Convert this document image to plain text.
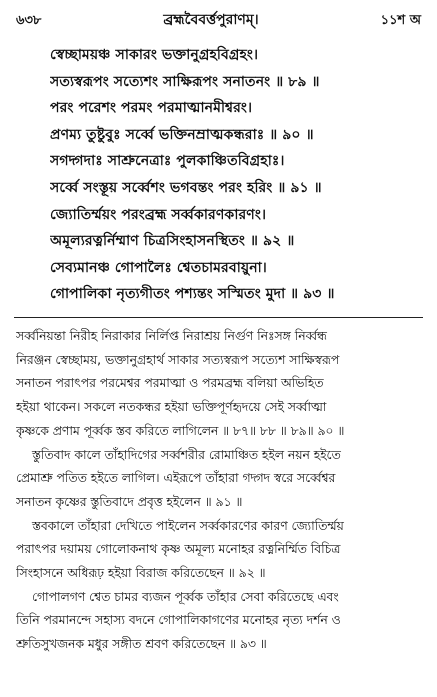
৬৩৮	ব্রহ্মবৈবর্ত্তপুরাণম্।	১১শ অ
স্বেচ্ছাময়ঞ্চ সাকারং ভক্তানুগ্রহবিগ্রহং।
সত্যস্বরূপং সত্যেশং সাক্ষিরূপং সনাতনং ॥ ৮৯ ॥
পরং পরেশং পরমং পরমাত্মানমীশ্বরং।
প্রণম্য তুষ্টুবুঃ সর্ব্বে ভক্তিনম্রাত্মকন্ধরাঃ ॥ ৯০ ॥
সগদ্গদাঃ সাশ্রুনেত্রাঃ পুলকাঞ্চিতবিগ্রহাঃ।
সর্ব্বে সংস্তূয় সর্ব্বেশং ভগবন্তং পরং হরিং ॥ ৯১ ॥
জ্যোতির্ম্ময়ং পরংব্রহ্ম সর্ব্বকারণকারণং।
অমূল্যরত্নর্নিম্মাণ চিত্রসিংহাসনস্থিতং ॥ ৯২ ॥
সেব্যমানঞ্চ গোপালৈঃ শ্বেতচামরবায়ুনা।
গোপালিকা নৃত্যগীতং পশ্যন্তং সস্মিতং মুদা ॥ ৯৩ ॥
সর্ব্বনিয়ন্তা নিরীহ নিরাকার নির্লিপ্ত নিরাশ্রয় নির্গুণ নিঃসঙ্গ নির্ব্বন্ধ
নিরঞ্জন স্বেচ্ছাময়, ভক্তানুগ্রহার্থ সাকার সত্যস্বরূপ সত্যেশ সাক্ষিস্বরূপ
সনাতন পরাৎপর পরমেশ্বর পরমাত্মা ও পরমব্রহ্ম বলিয়া অভিহিত
হইয়া থাকেন। সকলে নতকন্ধর হইয়া ভক্তিপূর্ণহৃদয়ে সেই সর্ব্বাত্মা
কৃষ্ণকে প্রণাম পূর্ব্বক স্তব করিতে লাগিলেন ॥ ৮৭॥ ৮৮ ॥ ৮৯॥ ৯০ ॥
স্তুতিবাদ কালে তাঁহাদিগের সর্ব্বশরীর রোমাঞ্চিত হইল নয়ন হইতে
প্রেমাশ্রু পতিত হইতে লাগিল। এইরূপে তাঁহারা গদ্গদ স্বরে সর্ব্বেশ্বর
সনাতন কৃষ্ণের স্তুতিবাদে প্রবৃত্ত হইলেন ॥ ৯১ ॥
স্তবকালে তাঁহারা দেখিতে পাইলেন সর্ব্বকারণের কারণ জ্যোতির্ম্ময়
পরাৎপর দয়াময় গোলোকনাথ কৃষ্ণ অমূল্য মনোহর রত্ননির্ম্মিত বিচিত্র
সিংহাসনে অধিরূঢ় হইয়া বিরাজ করিতেছেন ॥ ৯২ ॥
গোপালগণ শ্বেত চামর ব্যজন পূর্ব্বক তাঁহার সেবা করিতেছে এবং
তিনি পরমানন্দে সহাস্য বদনে গোপালিকাগণের মনোহর নৃত্য দর্শন ও
শ্রুতিসুখজনক মধুর সঙ্গীত শ্রবণ করিতেছেন ॥ ৯৩ ॥
